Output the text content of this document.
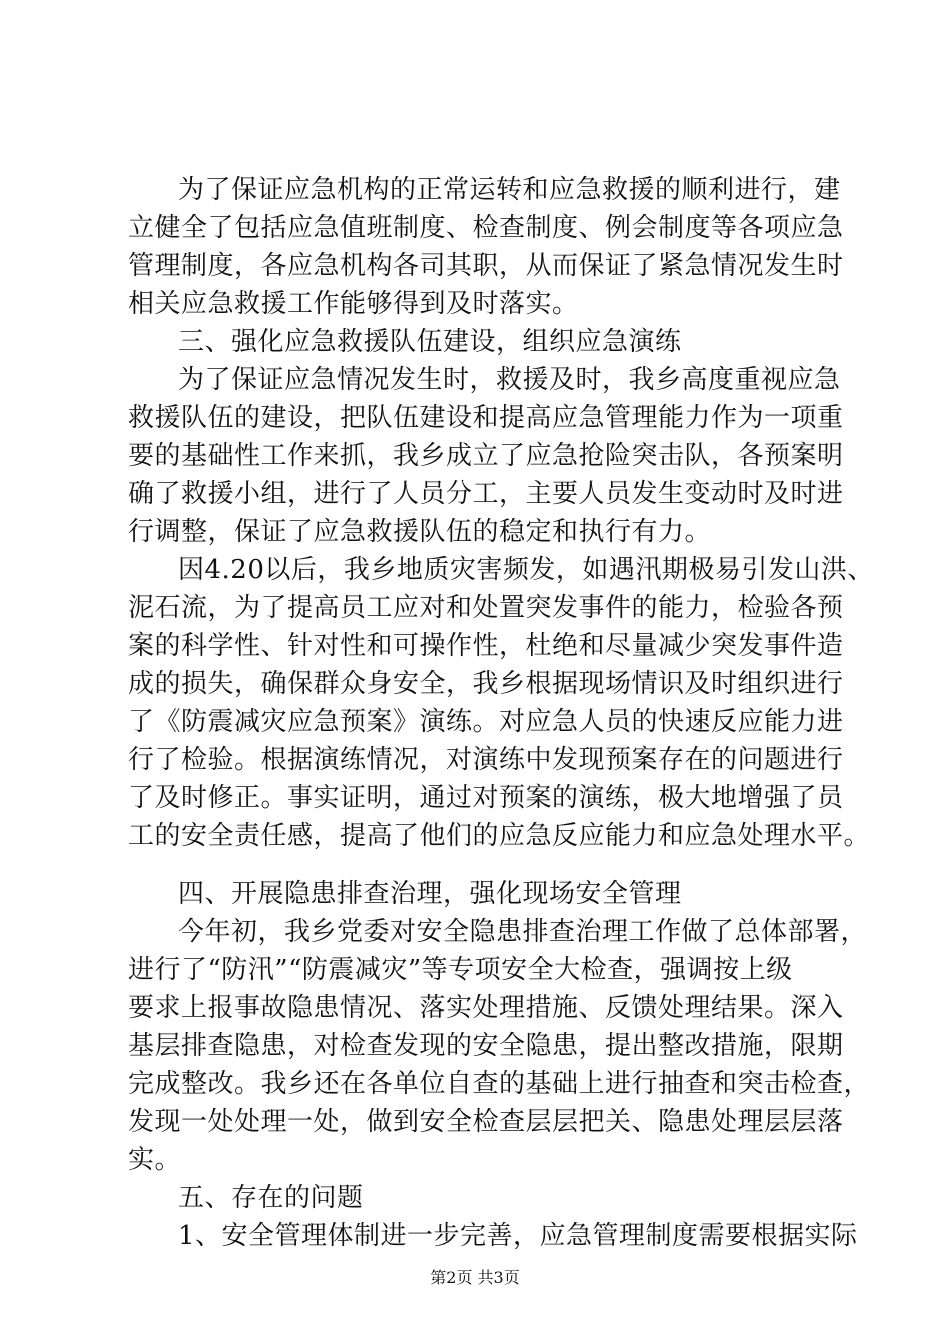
为了保证应急机构的正常运转和应急救援的顺利进行，建
立健全了包括应急值班制度、检查制度、例会制度等各项应急
管理制度，各应急机构各司其职，从而保证了紧急情况发生时
相关应急救援工作能够得到及时落实。
三、强化应急救援队伍建设，组织应急演练
为了保证应急情况发生时，救援及时，我乡高度重视应急
救援队伍的建设，把队伍建设和提高应急管理能力作为一项重
要的基础性工作来抓，我乡成立了应急抢险突击队，各预案明
确了救援小组，进行了人员分工，主要人员发生变动时及时进
行调整，保证了应急救援队伍的稳定和执行有力。
因4.20以后，我乡地质灾害频发，如遇汛期极易引发山洪、
泥石流，为了提高员工应对和处置突发事件的能力，检验各预
案的科学性、针对性和可操作性，杜绝和尽量减少突发事件造
成的损失，确保群众身安全，我乡根据现场情识及时组织进行
了《防震减灾应急预案》演练。对应急人员的快速反应能力进
行了检验。根据演练情况，对演练中发现预案存在的问题进行
了及时修正。事实证明，通过对预案的演练，极大地增强了员
工的安全责任感，提高了他们的应急反应能力和应急处理水平。
四、开展隐患排查治理，强化现场安全管理
今年初，我乡党委对安全隐患排查治理工作做了总体部署，
进行了“防汛”“防震减灾”等专项安全大检查，强调按上级
要求上报事故隐患情况、落实处理措施、反馈处理结果。深入
基层排查隐患，对检查发现的安全隐患，提出整改措施，限期
完成整改。我乡还在各单位自查的基础上进行抽查和突击检查，
发现一处处理一处，做到安全检查层层把关、隐患处理层层落
实。
五、存在的问题
1、安全管理体制进一步完善，应急管理制度需要根据实际
第2页 共3页
